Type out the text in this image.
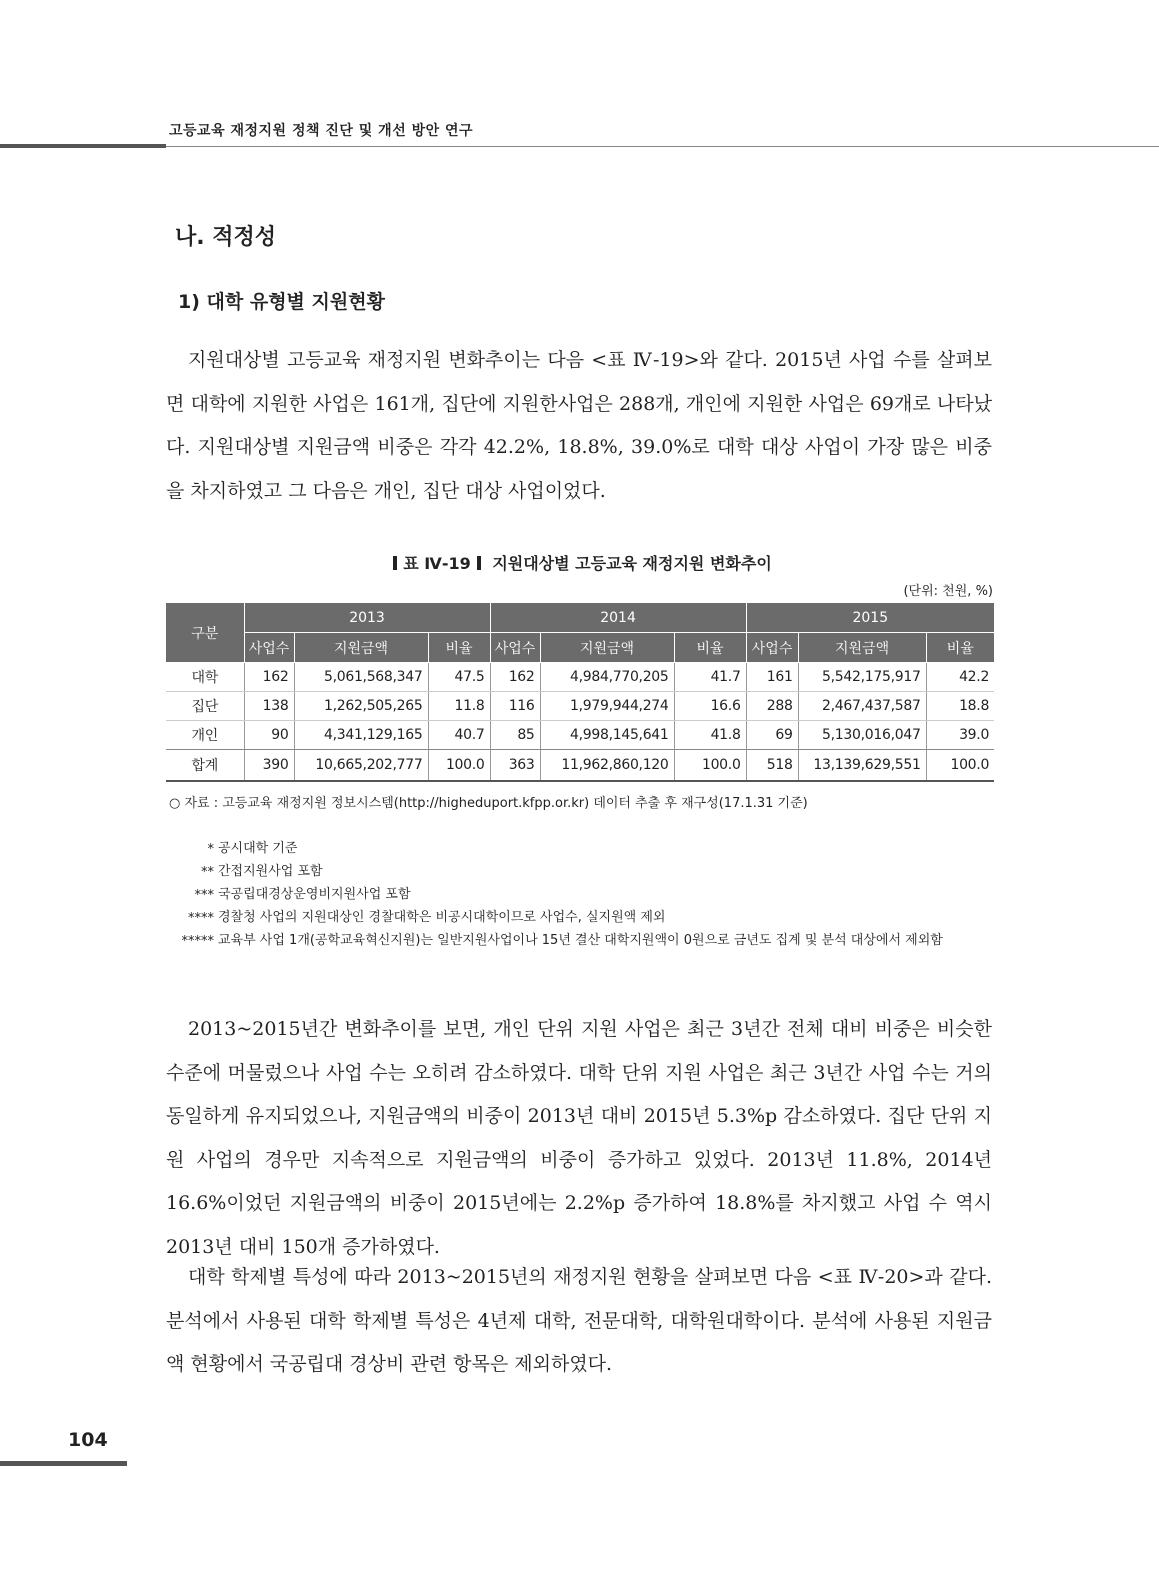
고등교육 재정지원 정책 진단 및 개선 방안 연구
나. 적정성
1) 대학 유형별 지원현황

지원대상별 고등교육 재정지원 변화추이는 다음 <표 Ⅳ-19>와 같다. 2015년 사업 수를 살펴보면 대학에 지원한 사업은 161개, 집단에 지원한사업은 288개, 개인에 지원한 사업은 69개로 나타났다. 지원대상별 지원금액 비중은 각각 42.2%, 18.8%, 39.0%로 대학 대상 사업이 가장 많은 비중을 차지하였고 그 다음은 개인, 집단 대상 사업이었다.

표 Ⅳ-19 지원대상별 고등교육 재정지원 변화추이
(단위: 천원, %)
구분	2013			2014			2015		
	사업수	지원금액	비율	사업수	지원금액	비율	사업수	지원금액	비율
대학	162	5,061,568,347	47.5	162	4,984,770,205	41.7	161	5,542,175,917	42.2
집단	138	1,262,505,265	11.8	116	1,979,944,274	16.6	288	2,467,437,587	18.8
개인	90	4,341,129,165	40.7	85	4,998,145,641	41.8	69	5,130,016,047	39.0
합계	390	10,665,202,777	100.0	363	11,962,860,120	100.0	518	13,139,629,551	100.0
○ 자료 : 고등교육 재정지원 정보시스템(http://higheduport.kfpp.or.kr) 데이터 추출 후 재구성(17.1.31 기준)
* 공시대학 기준
** 간접지원사업 포함
*** 국공립대경상운영비지원사업 포함
**** 경찰청 사업의 지원대상인 경찰대학은 비공시대학이므로 사업수, 실지원액 제외
***** 교육부 사업 1개(공학교육혁신지원)는 일반지원사업이나 15년 결산 대학지원액이 0원으로 금년도 집계 및 분석 대상에서 제외함

2013~2015년간 변화추이를 보면, 개인 단위 지원 사업은 최근 3년간 전체 대비 비중은 비슷한 수준에 머물렀으나 사업 수는 오히려 감소하였다. 대학 단위 지원 사업은 최근 3년간 사업 수는 거의 동일하게 유지되었으나, 지원금액의 비중이 2013년 대비 2015년 5.3%p 감소하였다. 집단 단위 지원 사업의 경우만 지속적으로 지원금액의 비중이 증가하고 있었다. 2013년 11.8%, 2014년 16.6%이었던 지원금액의 비중이 2015년에는 2.2%p 증가하여 18.8%를 차지했고 사업 수 역시 2013년 대비 150개 증가하였다.

대학 학제별 특성에 따라 2013~2015년의 재정지원 현황을 살펴보면 다음 <표 Ⅳ-20>과 같다. 분석에서 사용된 대학 학제별 특성은 4년제 대학, 전문대학, 대학원대학이다. 분석에 사용된 지원금액 현황에서 국공립대 경상비 관련 항목은 제외하였다.

104
